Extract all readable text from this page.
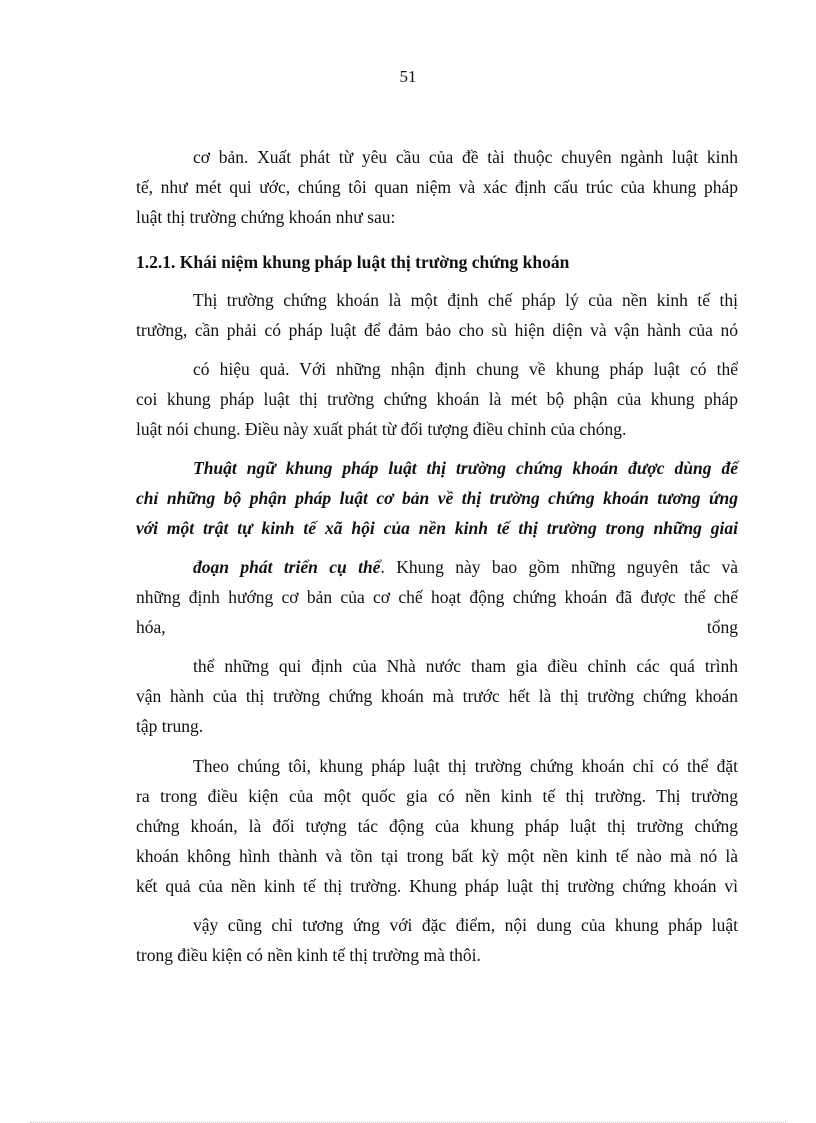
51
cơ bản. Xuất phát từ yêu cầu của đề tài thuộc chuyên ngành luật kinh
tế, như mét qui ước, chúng tôi quan niệm và xác định cấu trúc của khung pháp
luật thị trường chứng khoán như sau:
1.2.1. Khái niệm khung pháp luật thị trường chứng khoán
Thị trường chứng khoán là một định chế pháp lý của nền kinh tế thị
trường, cần phải có pháp luật để đảm bảo cho sù hiện diện và vận hành của nó
có hiệu quả. Với những nhận định chung về khung pháp luật có thể
coi khung pháp luật thị trường chứng khoán là mét bộ phận của khung pháp
luật nói chung. Điều này xuất phát từ đối tượng điều chỉnh của chóng.
Thuật ngữ khung pháp luật thị trường chứng khoán được dùng để
chỉ những bộ phận pháp luật cơ bản về thị trường chứng khoán tương ứng
với một trật tự kinh tế xã hội của nền kinh tế thị trường trong những giai
đoạn phát triển cụ thể. Khung này bao gồm những nguyên tắc và
những định hướng cơ bản của cơ chế hoạt động chứng khoán đã được thể chế
hóa,	tổng
thể những qui định của Nhà nước tham gia điều chỉnh các quá trình
vận hành của thị trường chứng khoán mà trước hết là thị trường chứng khoán
tập trung.
Theo chúng tôi, khung pháp luật thị trường chứng khoán chỉ có thể đặt
ra trong điều kiện của một quốc gia có nền kinh tế thị trường. Thị trường
chứng khoán, là đối tượng tác động của khung pháp luật thị trường chứng
khoán không hình thành và tồn tại trong bất kỳ một nền kinh tế nào mà nó là
kết quả của nền kinh tế thị trường. Khung pháp luật thị trường chứng khoán vì
vậy cũng chỉ tương ứng với đặc điểm, nội dung của khung pháp luật
trong điều kiện có nền kinh tế thị trường mà thôi.
